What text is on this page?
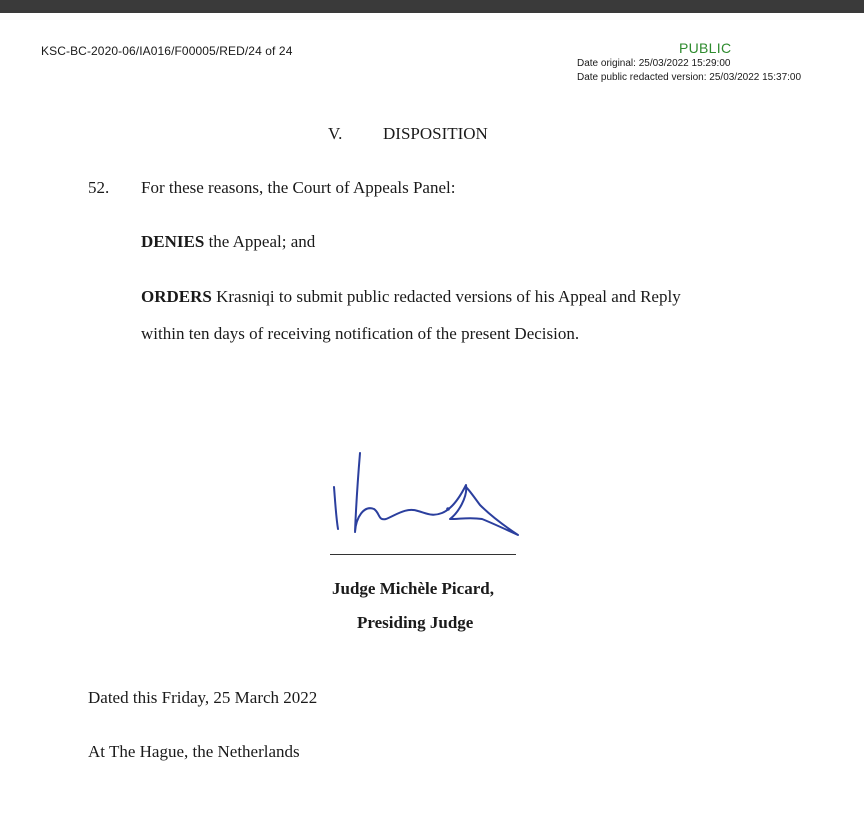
KSC-BC-2020-06/IA016/F00005/RED/24 of 24	PUBLIC
Date original: 25/03/2022 15:29:00
Date public redacted version: 25/03/2022 15:37:00
V. DISPOSITION
52. For these reasons, the Court of Appeals Panel:
DENIES the Appeal; and
ORDERS Krasniqi to submit public redacted versions of his Appeal and Reply
within ten days of receiving notification of the present Decision.
Judge Michèle Picard,
Presiding Judge
Dated this Friday, 25 March 2022
At The Hague, the Netherlands
